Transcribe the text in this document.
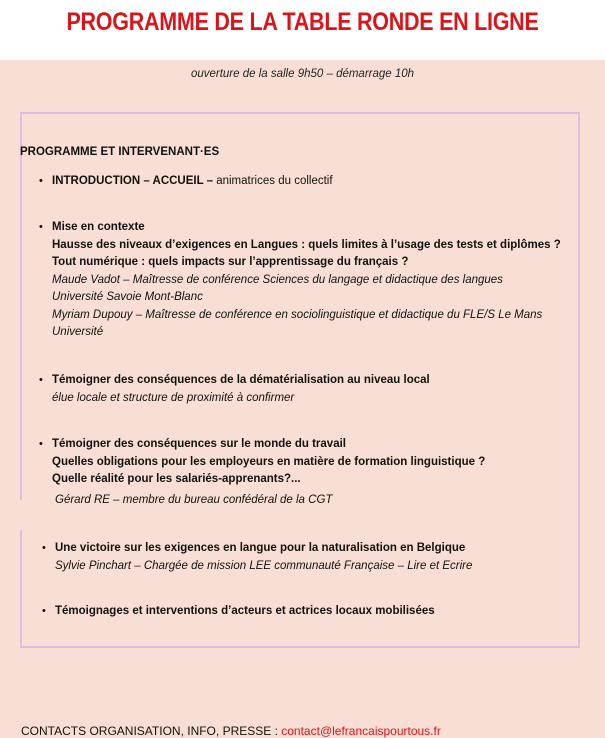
PROGRAMME DE LA TABLE RONDE EN LIGNE
ouverture de la salle 9h50 – démarrage 10h
PROGRAMME ET INTERVENANT·ES
• INTRODUCTION – ACCUEIL – animatrices du collectif
• Mise en contexte
Hausse des niveaux d’exigences en Langues : quels limites à l’usage des tests et diplômes ?
Tout numérique : quels impacts sur l’apprentissage du français ?
Maude Vadot – Maîtresse de conférence Sciences du langage et didactique des langues
Université Savoie Mont-Blanc
Myriam Dupouy – Maîtresse de conférence en sociolinguistique et didactique du FLE/S Le Mans
Université
• Témoigner des conséquences de la dématérialisation au niveau local
élue locale et structure de proximité à confirmer
• Témoigner des conséquences sur le monde du travail
Quelles obligations pour les employeurs en matière de formation linguistique ?
Quelle réalité pour les salariés-apprenants?...
Gérard RE – membre du bureau confédéral de la CGT
• Une victoire sur les exigences en langue pour la naturalisation en Belgique
Sylvie Pinchart – Chargée de mission LEE communauté Française – Lire et Ecrire
• Témoignages et interventions d’acteurs et actrices locaux mobilisées
CONTACTS ORGANISATION, INFO, PRESSE : contact@lefrancaispourtous.fr
